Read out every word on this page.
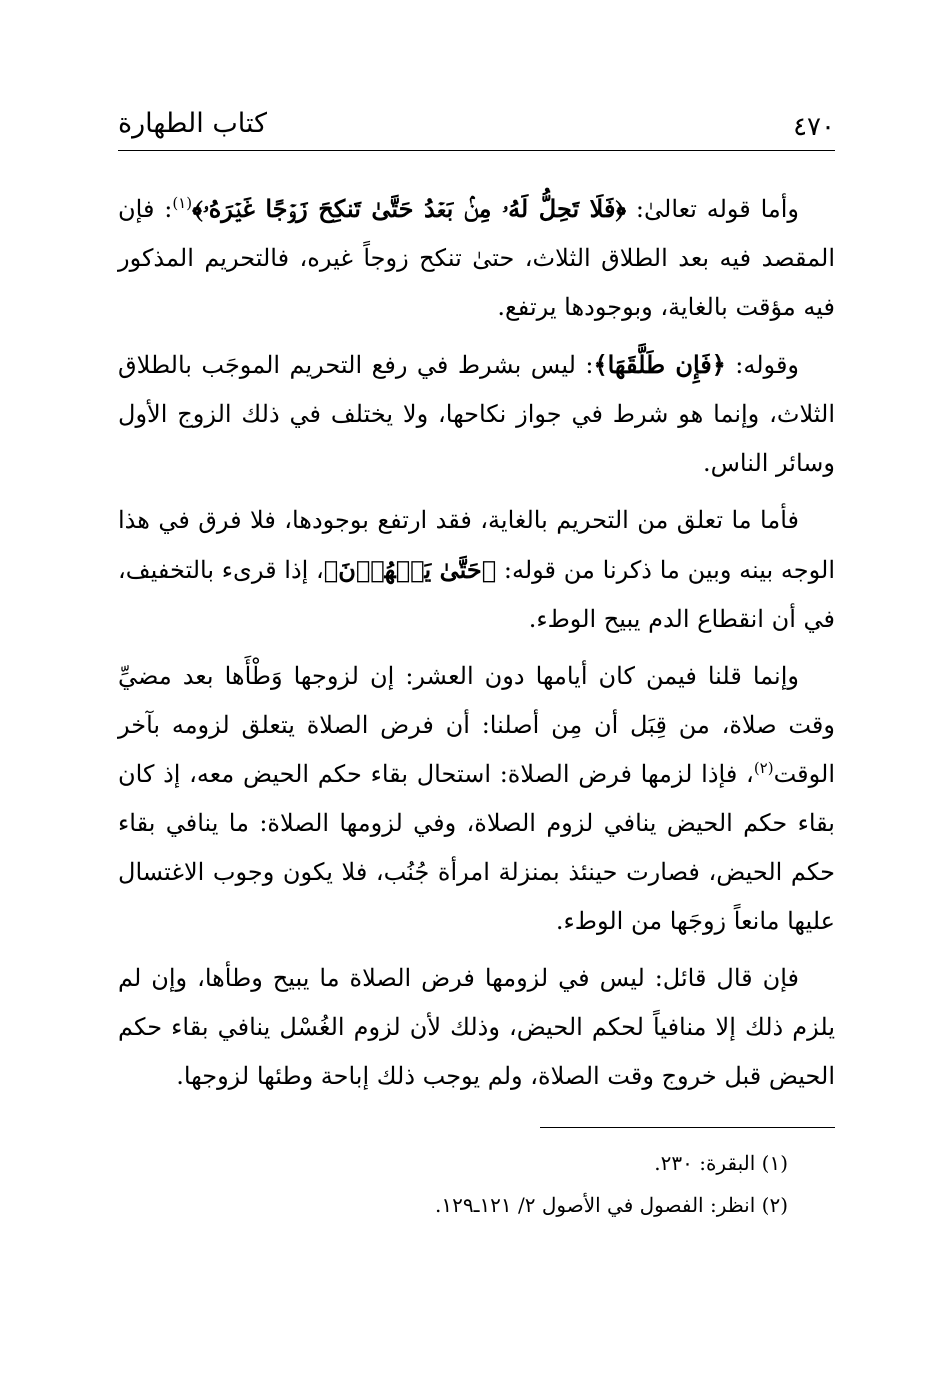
٤٧٠
كتاب الطهارة

وأما قوله تعالىٰ: ﴿فَلَا تَحِلُّ لَهُۥ مِنۢ بَعۡدُ حَتَّىٰ تَنكِحَ زَوۡجًا غَيۡرَهُۥ﴾$^{(١)}$: فإن المقصد فيه بعد الطلاق الثلاث، حتىٰ تنكح زوجاً غيره، فالتحريم المذكور فيه مؤقت بالغاية، وبوجودها يرتفع.

وقوله: ﴿فَإِن طَلَّقَهَا﴾: ليس بشرط في رفع التحريم الموجَب بالطلاق الثلاث، وإنما هو شرط في جواز نكاحها، ولا يختلف في ذلك الزوج الأول وسائر الناس.

فأما ما تعلق من التحريم بالغاية، فقد ارتفع بوجودها، فلا فرق في هذا الوجه بينه وبين ما ذكرنا من قوله: ﴿حَتَّىٰ يَطۡهُرۡنَ﴾، إذا قرىء بالتخفيف، في أن انقطاع الدم يبيح الوطء.

وإنما قلنا فيمن كان أيامها دون العشر: إن لزوجها وَطْأَها بعد مضيِّ وقت صلاة، من قِبَل أن مِن أصلنا: أن فرض الصلاة يتعلق لزومه بآخر الوقت$^{(٢)}$، فإذا لزمها فرض الصلاة: استحال بقاء حكم الحيض معه، إذ كان بقاء حكم الحيض ينافي لزوم الصلاة، وفي لزومها الصلاة: ما ينافي بقاء حكم الحيض، فصارت حينئذ بمنزلة امرأة جُنُب، فلا يكون وجوب الاغتسال عليها مانعاً زوجَها من الوطء.

فإن قال قائل: ليس في لزومها فرض الصلاة ما يبيح وطأها، وإن لم يلزم ذلك إلا منافياً لحكم الحيض، وذلك لأن لزوم الغُسْل ينافي بقاء حكم الحيض قبل خروج وقت الصلاة، ولم يوجب ذلك إباحة وطئها لزوجها.

(١) البقرة: ٢٣٠.

(٢) انظر: الفصول في الأصول ٢/ ١٢١ـ١٢٩.
